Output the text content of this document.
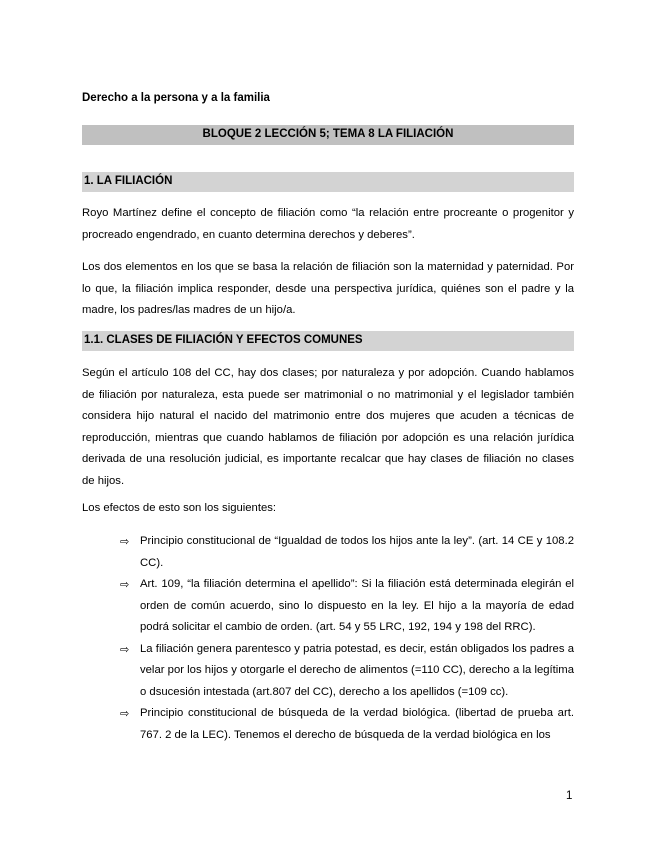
Derecho a la persona y a la familia
BLOQUE 2 LECCIÓN 5; TEMA 8 LA FILIACIÓN
1. LA FILIACIÓN
Royo Martínez define el concepto de filiación como “la relación entre procreante o progenitor y procreado engendrado, en cuanto determina derechos y deberes”.
Los dos elementos en los que se basa la relación de filiación son la maternidad y paternidad. Por lo que, la filiación implica responder, desde una perspectiva jurídica, quiénes son el padre y la madre, los padres/las madres de un hijo/a.
1.1. CLASES DE FILIACIÓN Y EFECTOS COMUNES
Según el artículo 108 del CC, hay dos clases; por naturaleza y por adopción. Cuando hablamos de filiación por naturaleza, esta puede ser matrimonial o no matrimonial y el legislador también considera hijo natural el nacido del matrimonio entre dos mujeres que acuden a técnicas de reproducción, mientras que cuando hablamos de filiación por adopción es una relación jurídica derivada de una resolución judicial, es importante recalcar que hay clases de filiación no clases de hijos.
Los efectos de esto son los siguientes:
⇨ Principio constitucional de “Igualdad de todos los hijos ante la ley”. (art. 14 CE y 108.2 CC).
⇨ Art. 109, “la filiación determina el apellido”: Si la filiación está determinada elegirán el orden de común acuerdo, sino lo dispuesto en la ley. El hijo a la mayoría de edad podrá solicitar el cambio de orden. (art. 54 y 55 LRC, 192, 194 y 198 del RRC).
⇨ La filiación genera parentesco y patria potestad, es decir, están obligados los padres a velar por los hijos y otorgarle el derecho de alimentos (=110 CC), derecho a la legítima o dsucesión intestada (art.807 del CC), derecho a los apellidos (=109 cc).
⇨ Principio constitucional de búsqueda de la verdad biológica. (libertad de prueba art. 767. 2 de la LEC). Tenemos el derecho de búsqueda de la verdad biológica en los
1
